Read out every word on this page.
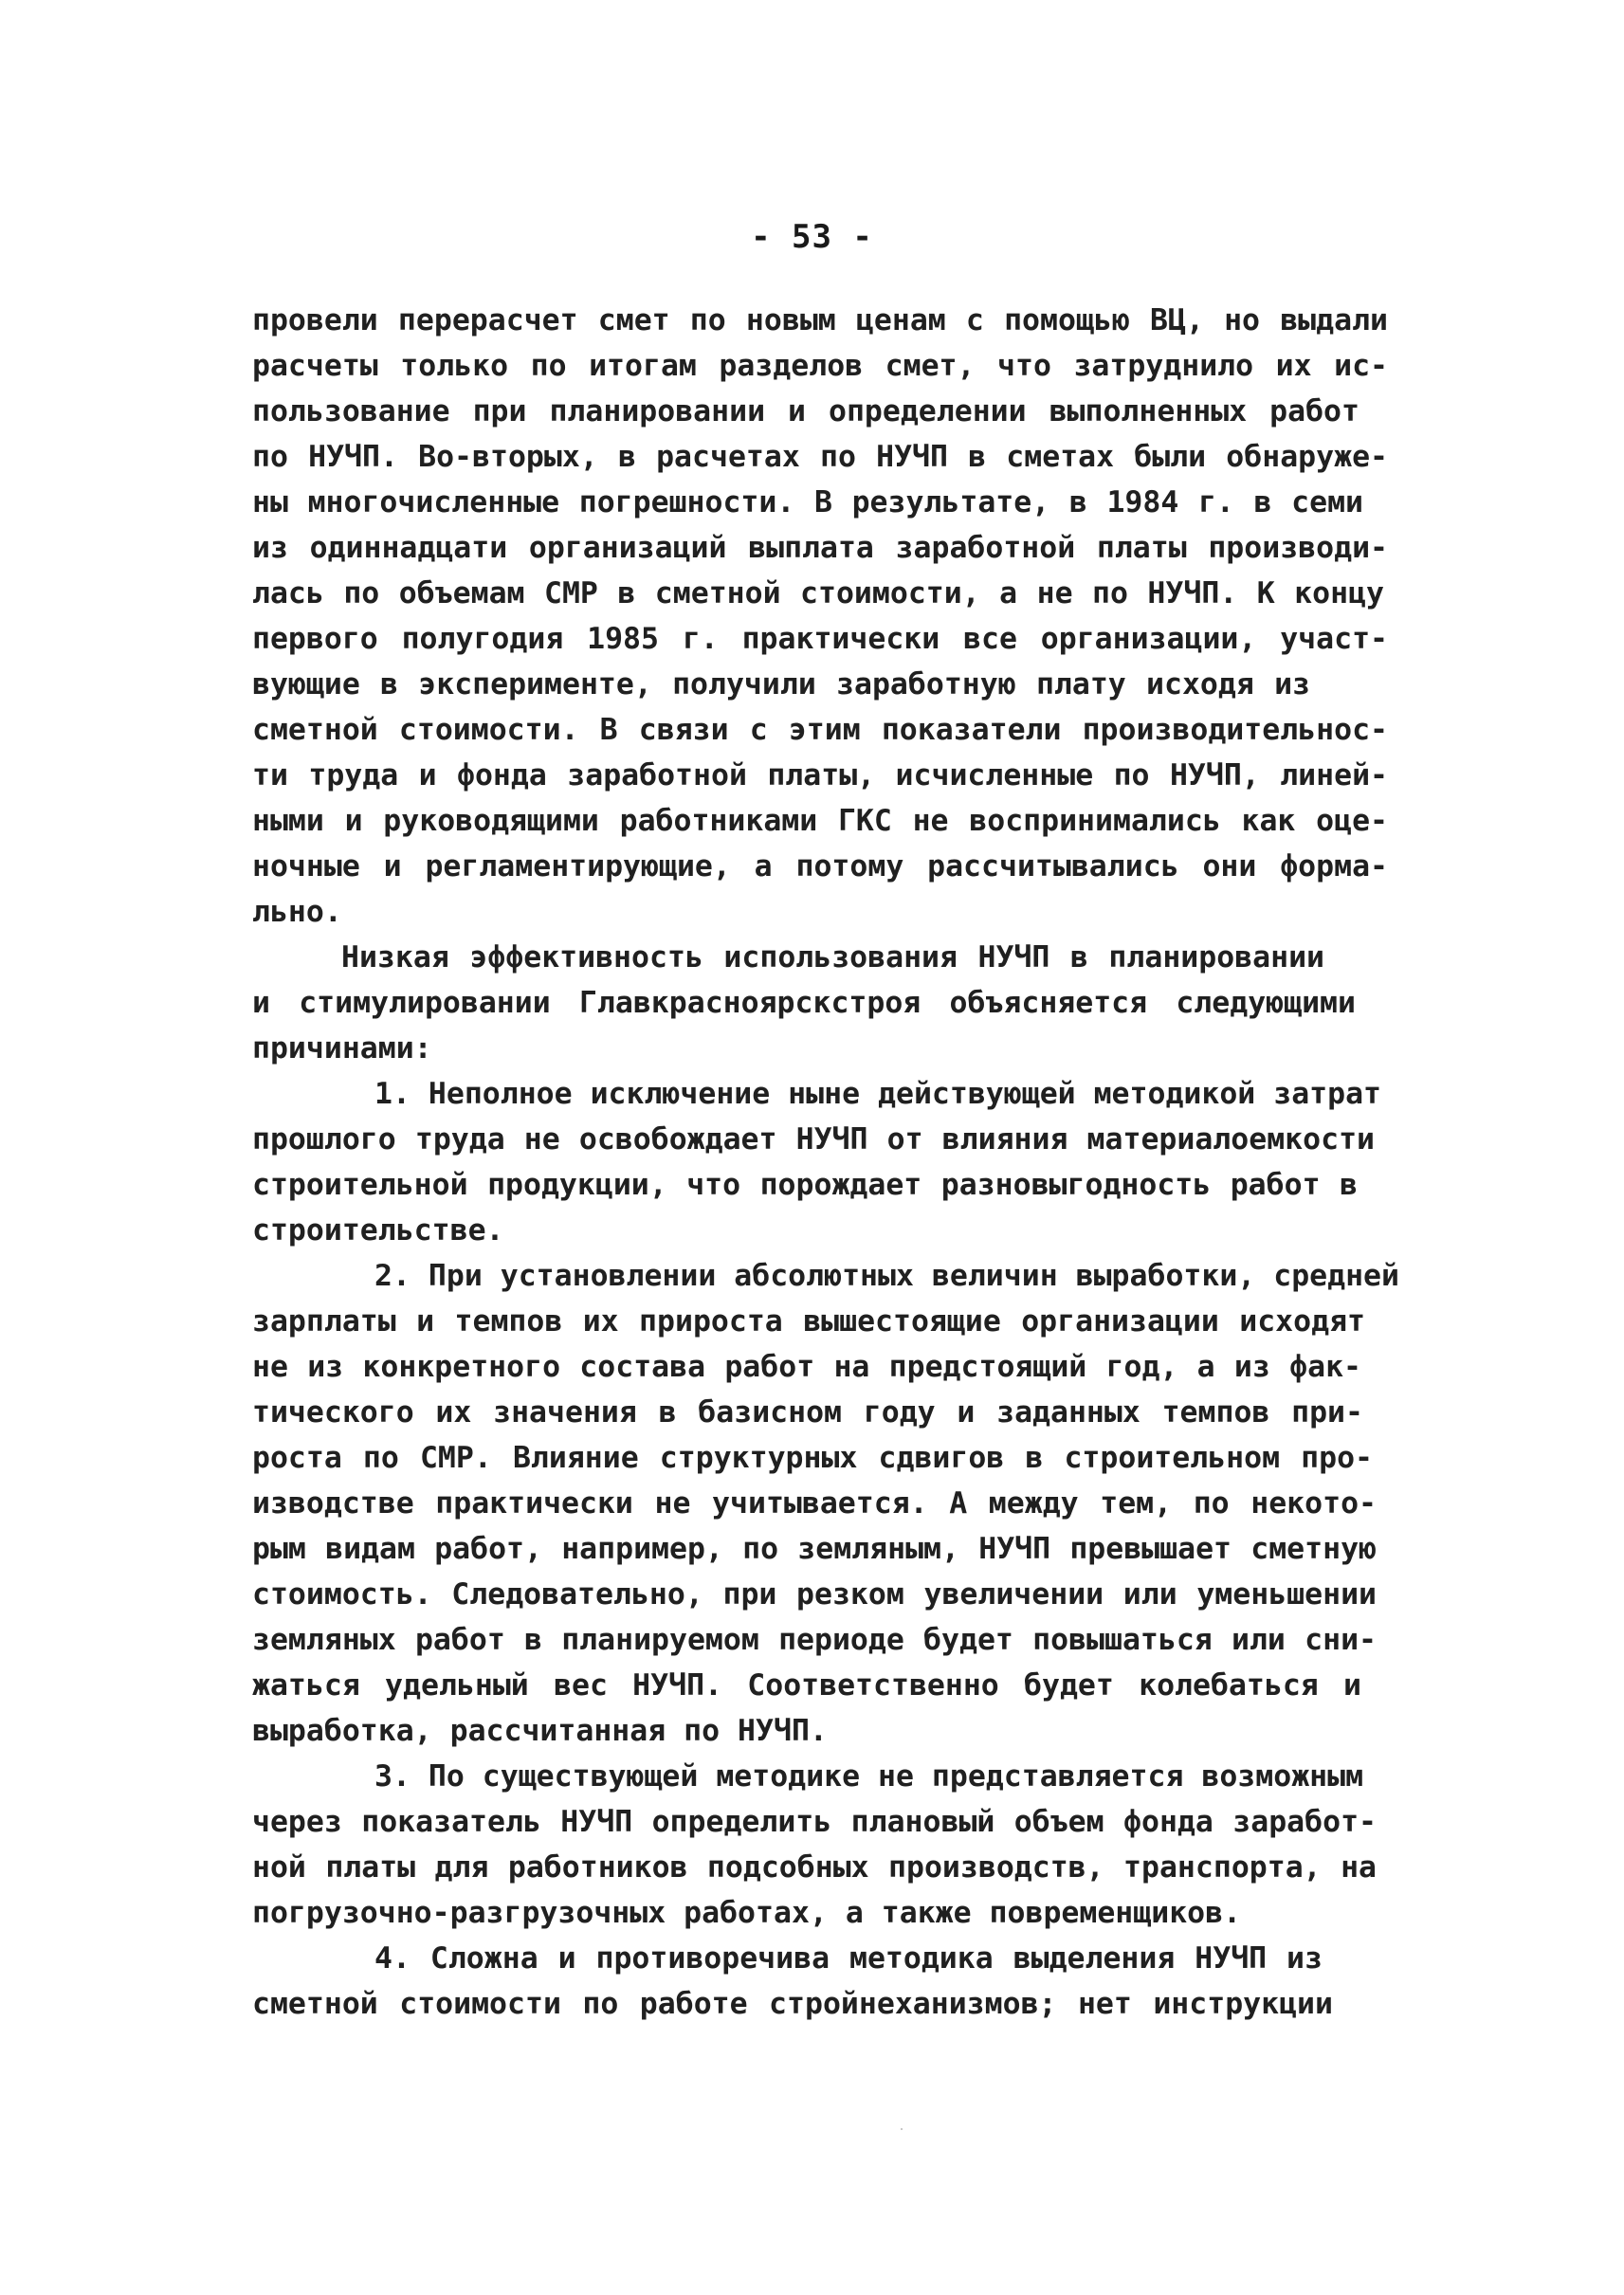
- 53 -
провели перерасчет смет по новым ценам с помощью ВЦ, но выдали
расчеты только по итогам разделов смет, что затруднило их ис-
пользование при планировании и определении выполненных работ
по НУЧП. Во-вторых, в расчетах по НУЧП в сметах были обнаруже-
ны многочисленные погрешности. В результате, в 1984 г. в семи
из одиннадцати организаций выплата заработной платы производи-
лась по объемам СМР в сметной стоимости, а не по НУЧП. К концу
первого полугодия 1985 г. практически все организации, участ-
вующие в эксперименте, получили заработную плату исходя из
сметной стоимости. В связи с этим показатели производительнос-
ти труда и фонда заработной платы, исчисленные по НУЧП, линей-
ными и руководящими работниками ГКС не воспринимались как оце-
ночные и регламентирующие, а потому рассчитывались они форма-
льно.
Низкая эффективность использования НУЧП в планировании
и стимулировании Главкрасноярскстроя объясняется следующими
причинами:
1. Неполное исключение ныне действующей методикой затрат
прошлого труда не освобождает НУЧП от влияния материалоемкости
строительной продукции, что порождает разновыгодность работ в
строительстве.
2. При установлении абсолютных величин выработки, средней
зарплаты и темпов их прироста вышестоящие организации исходят
не из конкретного состава работ на предстоящий год, а из фак-
тического их значения в базисном году и заданных темпов при-
роста по СМР. Влияние структурных сдвигов в строительном про-
изводстве практически не учитывается. А между тем, по некото-
рым видам работ, например, по земляным, НУЧП превышает сметную
стоимость. Следовательно, при резком увеличении или уменьшении
земляных работ в планируемом периоде будет повышаться или сни-
жаться удельный вес НУЧП. Соответственно будет колебаться и
выработка, рассчитанная по НУЧП.
3. По существующей методике не представляется возможным
через показатель НУЧП определить плановый объем фонда заработ-
ной платы для работников подсобных производств, транспорта, на
погрузочно-разгрузочных работах, а также повременщиков.
4. Сложна и противоречива методика выделения НУЧП из
сметной стоимости по работе стройнеханизмов; нет инструкции
